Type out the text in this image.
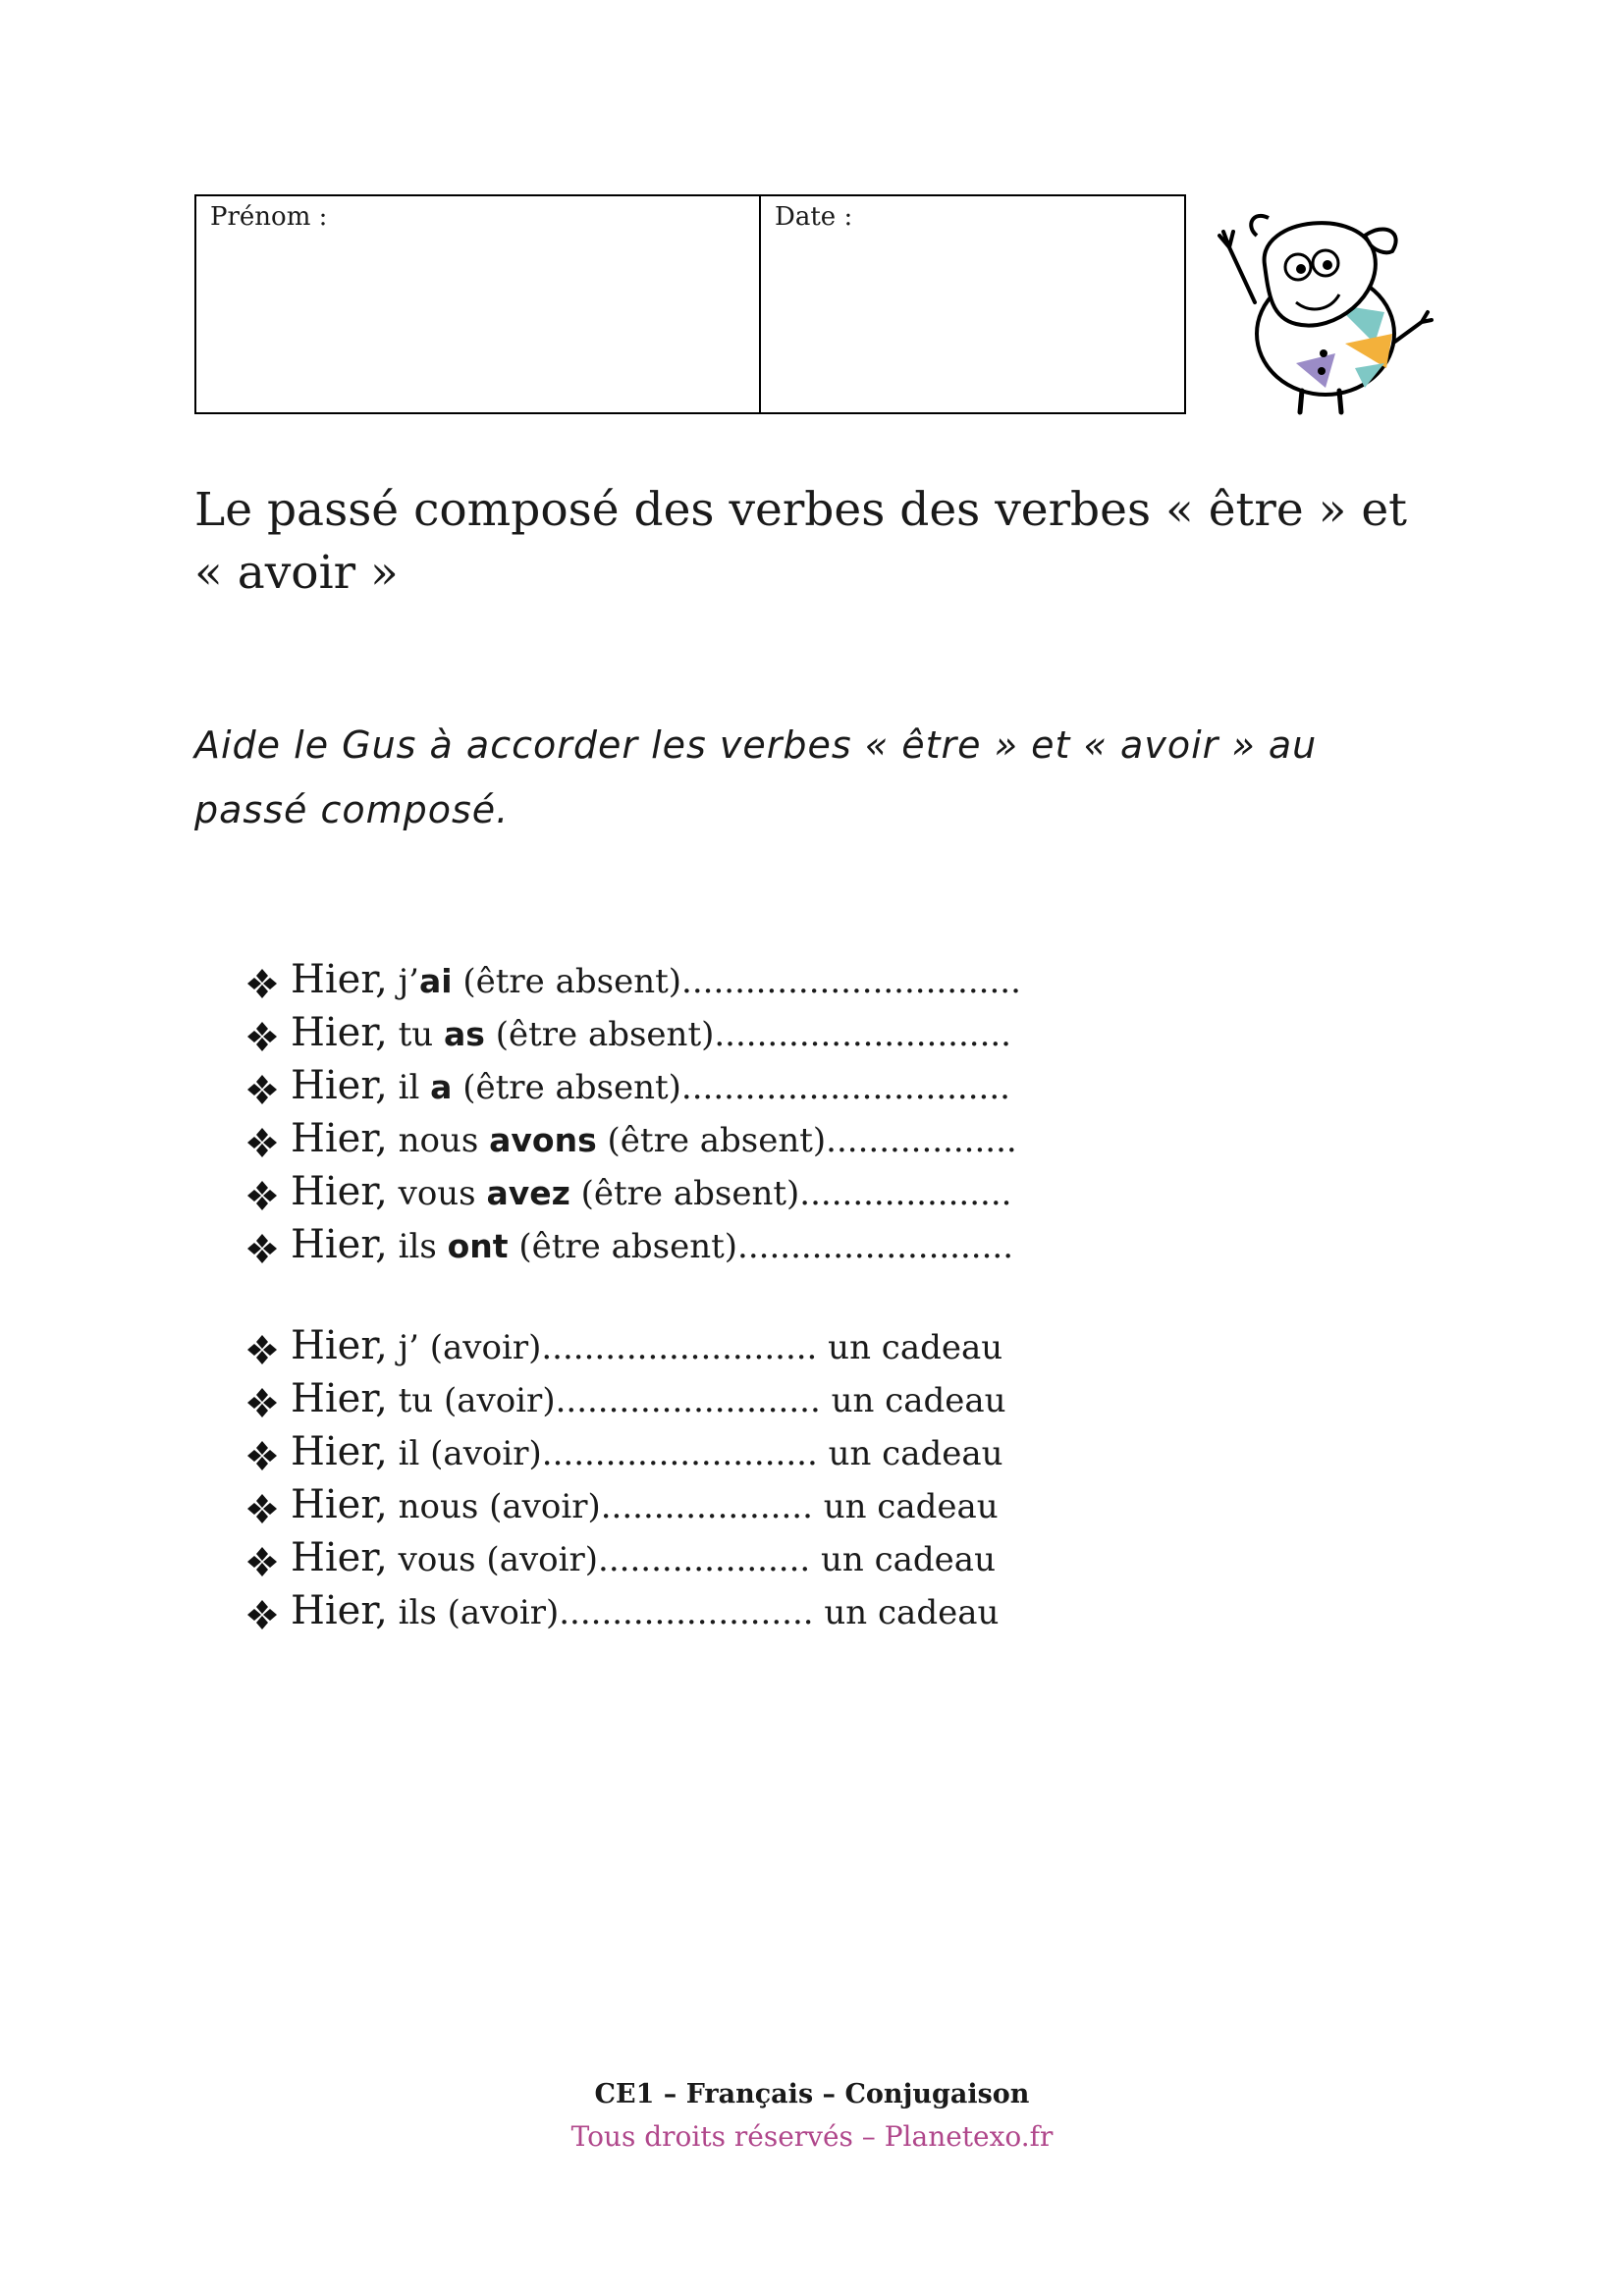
Prénom :	Date :
Le passé composé des verbes des verbes « être » et « avoir »
Aide le Gus à accorder les verbes « être » et « avoir » au passé composé.
Hier, j’ ai (être absent)................................
Hier, tu as (être absent)............................
Hier, il a (être absent)...............................
Hier, nous avons (être absent)..................
Hier, vous avez (être absent)....................
Hier, ils ont (être absent)..........................
Hier, j’ (avoir).......................... un cadeau
Hier, tu (avoir)......................... un cadeau
Hier, il (avoir).......................... un cadeau
Hier, nous (avoir).................... un cadeau
Hier, vous (avoir).................... un cadeau
Hier, ils (avoir)........................ un cadeau
CE1 – Français – Conjugaison
Tous droits réservés – Planetexo.fr
